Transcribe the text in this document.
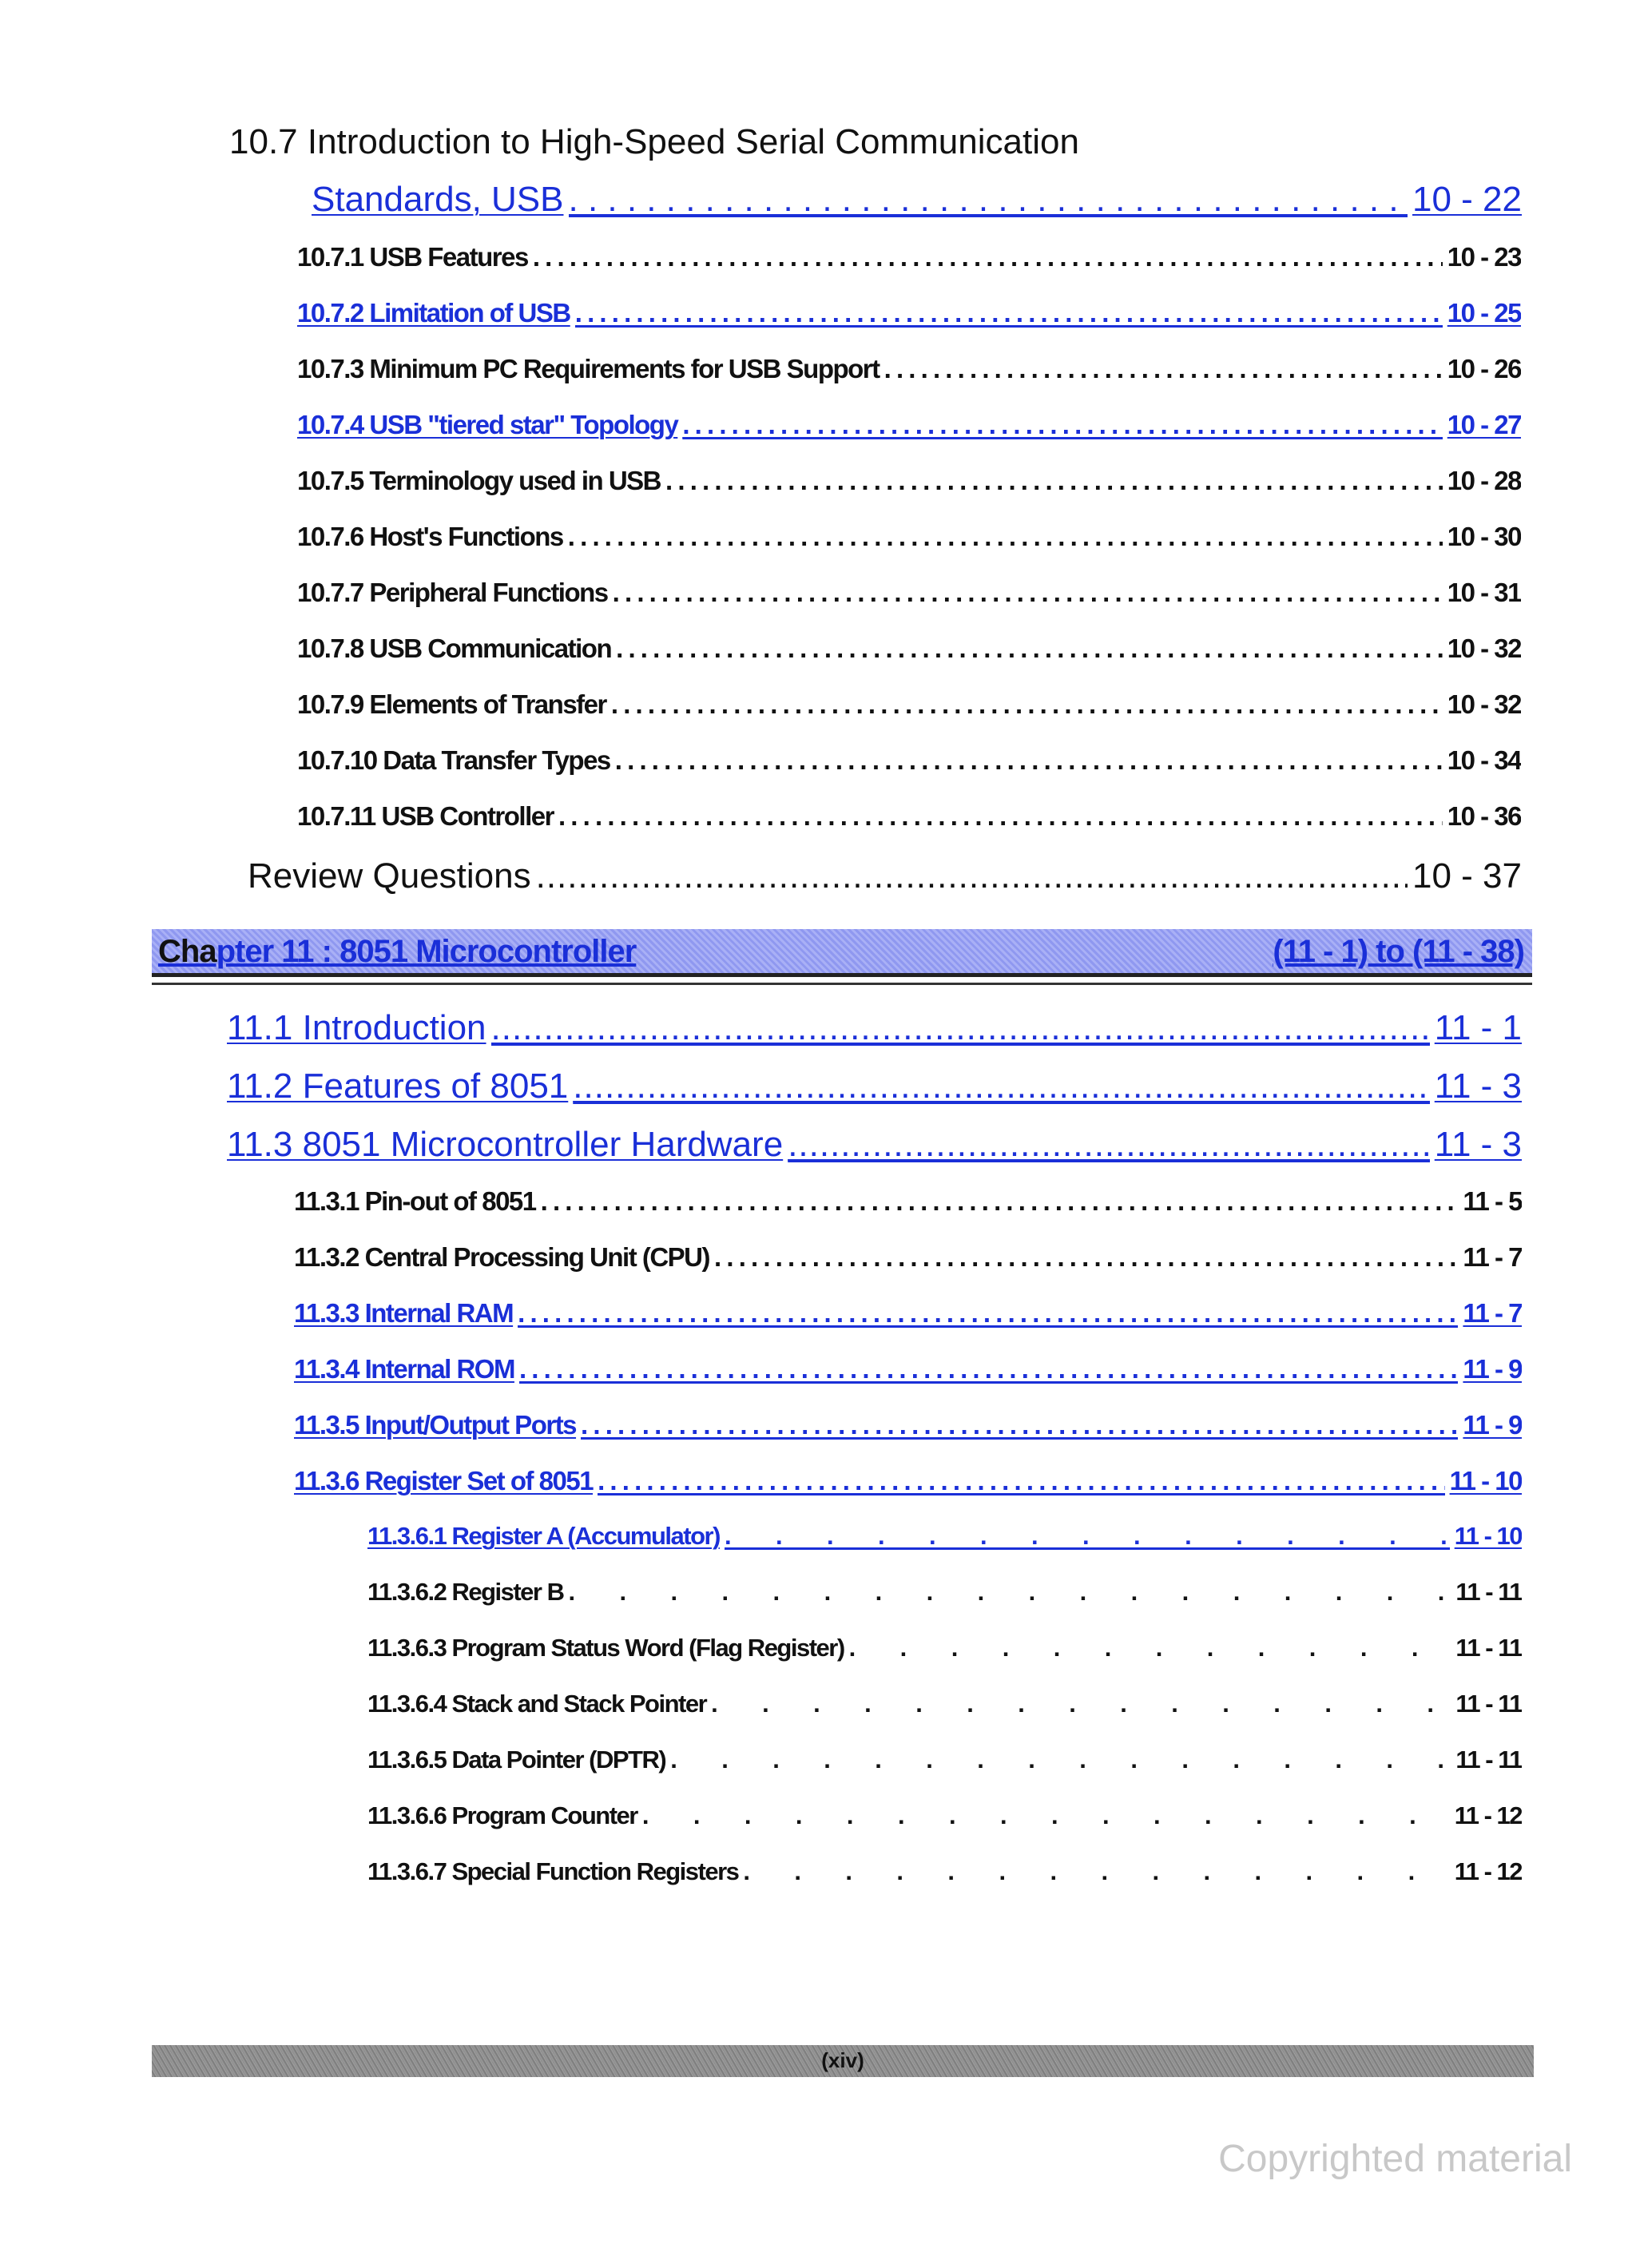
10.7 Introduction to High-Speed Serial Communication
Standards, USB . . .	10 - 22
10.7.1 USB Features . . .	10 - 23
10.7.2 Limitation of USB . . .	10 - 25
10.7.3 Minimum PC Requirements for USB Support . . .	10 - 26
10.7.4 USB "tiered star" Topology . . .	10 - 27
10.7.5 Terminology used in USB . . .	10 - 28
10.7.6 Host's Functions . . .	10 - 30
10.7.7 Peripheral Functions . . .	10 - 31
10.7.8 USB Communication . . .	10 - 32
10.7.9 Elements of Transfer . . .	10 - 32
10.7.10 Data Transfer Types . . .	10 - 34
10.7.11 USB Controller . . .	10 - 36
Review Questions .....	10 - 37
Chapter 11 : 8051 Microcontroller	(11 - 1) to (11 - 38)
11.1 Introduction .....	11 - 1
11.2 Features of 8051 .....	11 - 3
11.3 8051 Microcontroller Hardware .....	11 - 3
11.3.1 Pin-out of 8051 . . .	11 - 5
11.3.2 Central Processing Unit (CPU) . . .	11 - 7
11.3.3 Internal RAM . . .	11 - 7
11.3.4 Internal ROM . . .	11 - 9
11.3.5 Input/Output Ports . . .	11 - 9
11.3.6 Register Set of 8051 . . .	11 - 10
11.3.6.1 Register A (Accumulator) .	11 - 10
11.3.6.2 Register B .	11 - 11
11.3.6.3 Program Status Word (Flag Register) .	11 - 11
11.3.6.4 Stack and Stack Pointer .	11 - 11
11.3.6.5 Data Pointer (DPTR) .	11 - 11
11.3.6.6 Program Counter .	11 - 12
11.3.6.7 Special Function Registers .	11 - 12
(xiv)
Copyrighted material
